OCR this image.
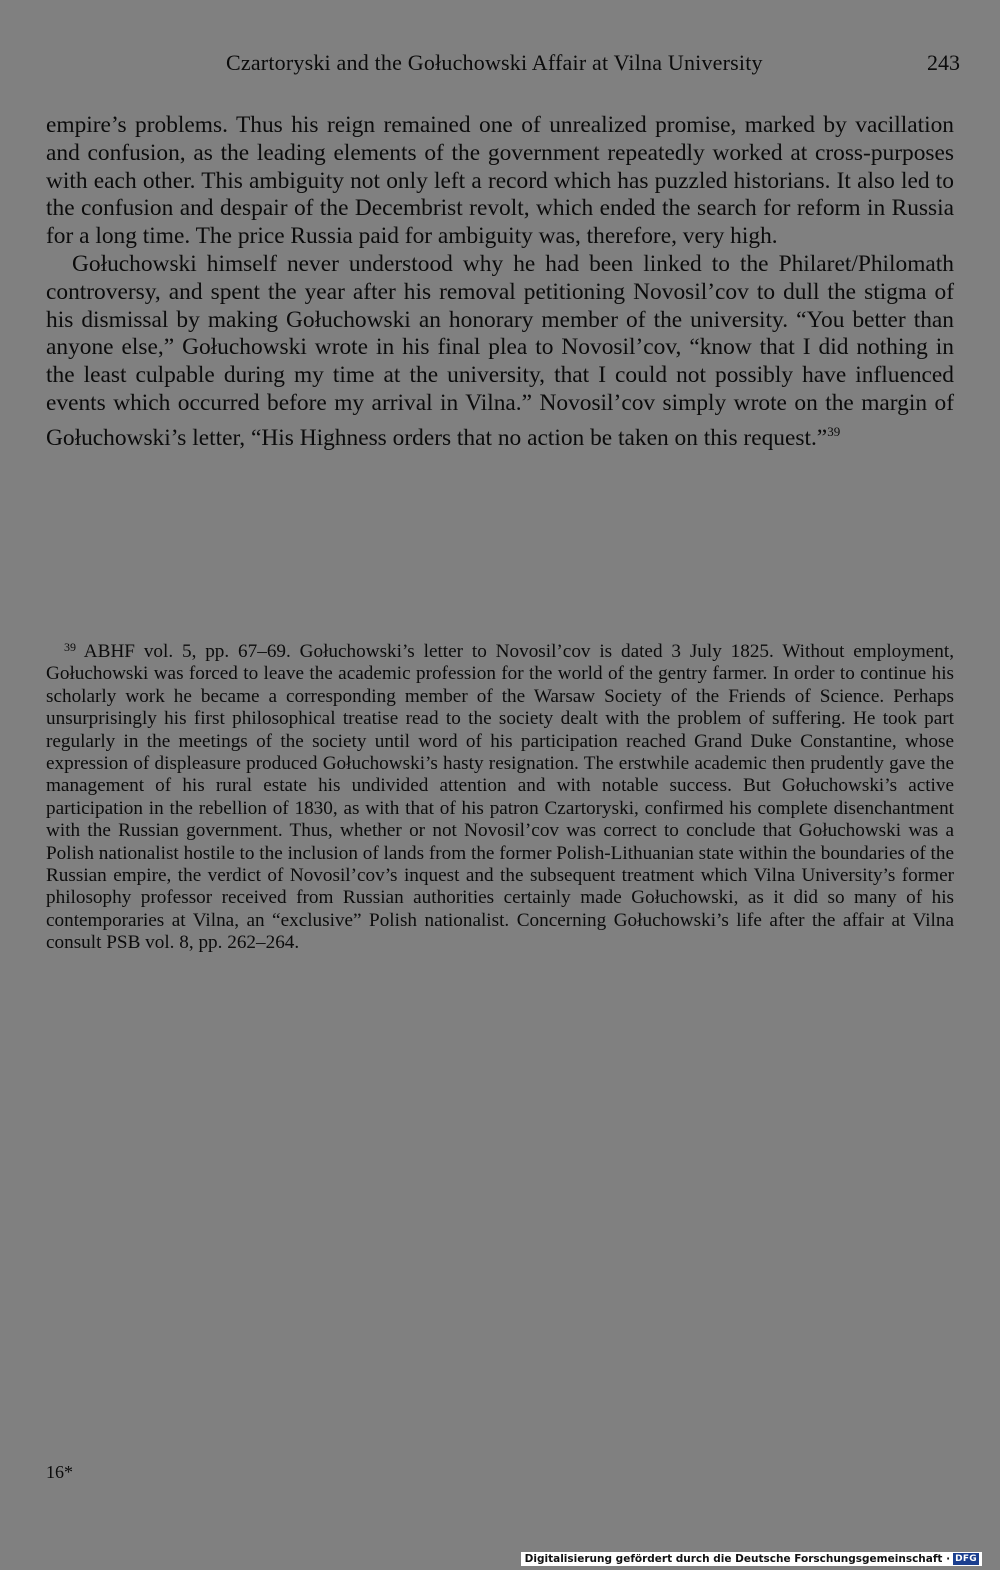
Czartoryski and the Gołuchowski Affair at Vilna University	243

empire’s problems. Thus his reign remained one of unrealized promise, marked by vacillation and confusion, as the leading elements of the government repeatedly worked at cross-purposes with each other. This ambiguity not only left a record which has puzzled historians. It also led to the confusion and despair of the Decembrist revolt, which ended the search for reform in Russia for a long time. The price Russia paid for ambiguity was, therefore, very high.

Gołuchowski himself never understood why he had been linked to the Philaret/Philomath controversy, and spent the year after his removal petitioning Novosil’cov to dull the stigma of his dismissal by making Gołuchowski an honorary member of the university. “You better than anyone else,” Gołuchowski wrote in his final plea to Novosil’cov, “know that I did nothing in the least culpable during my time at the university, that I could not possibly have influenced events which occurred before my arrival in Vilna.” Novosil’cov simply wrote on the margin of Gołuchowski’s letter, “His Highness orders that no action be taken on this request.”$^{39}$

$^{39}$ ABHF vol. 5, pp. 67–69. Gołuchowski’s letter to Novosil’cov is dated 3 July 1825. Without employment, Gołuchowski was forced to leave the academic profession for the world of the gentry farmer. In order to continue his scholarly work he became a corresponding member of the Warsaw Society of the Friends of Science. Perhaps unsurprisingly his first philosophical treatise read to the society dealt with the problem of suffering. He took part regularly in the meetings of the society until word of his participation reached Grand Duke Constantine, whose expression of displeasure produced Gołuchowski’s hasty resignation. The erstwhile academic then prudently gave the management of his rural estate his undivided attention and with notable success. But Gołuchowski’s active participation in the rebellion of 1830, as with that of his patron Czartoryski, confirmed his complete disenchantment with the Russian government. Thus, whether or not Novosil’cov was correct to conclude that Gołuchowski was a Polish nationalist hostile to the inclusion of lands from the former Polish-Lithuanian state within the boundaries of the Russian empire, the verdict of Novosil’cov’s inquest and the subsequent treatment which Vilna University’s former philosophy professor received from Russian authorities certainly made Gołuchowski, as it did so many of his contemporaries at Vilna, an “exclusive” Polish nationalist. Concerning Gołuchowski’s life after the affair at Vilna consult PSB vol. 8, pp. 262–264.

16*
Digitalisierung gefördert durch die Deutsche Forschungsgemeinschaft · DFG
